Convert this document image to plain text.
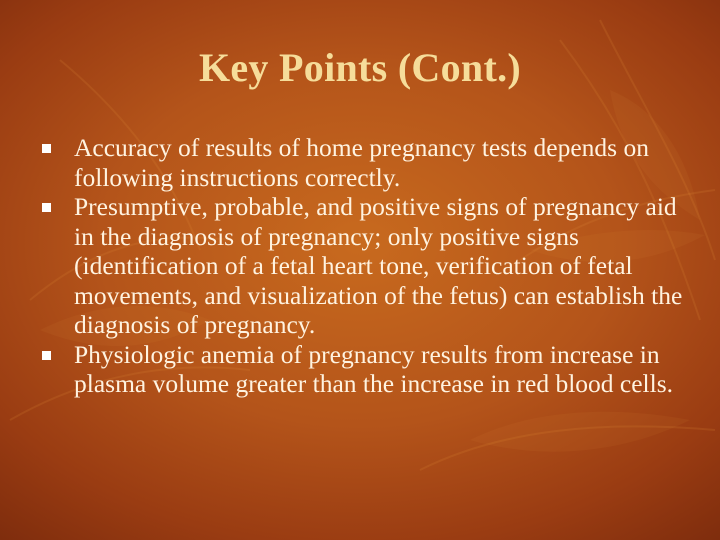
Key Points (Cont.)
Accuracy of results of home pregnancy tests depends on following instructions correctly.
Presumptive, probable, and positive signs of pregnancy aid in the diagnosis of pregnancy; only positive signs (identification of a fetal heart tone, verification of fetal movements, and visualization of the fetus) can establish the diagnosis of pregnancy.
Physiologic anemia of pregnancy results from increase in plasma volume greater than the increase in red blood cells.
